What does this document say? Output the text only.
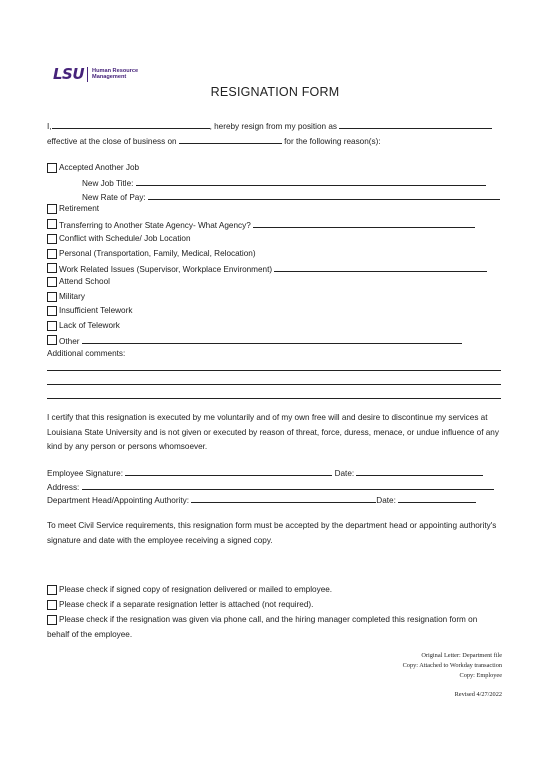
LSU Human Resource
Management
RESIGNATION FORM
I,	, hereby resign from my position as
effective at the close of business on	for the following reason(s):
Accepted Another Job
New Job Title:
New Rate of Pay:
Retirement
Transferring to Another State Agency- What Agency?
Conflict with Schedule/ Job Location
Personal (Transportation, Family, Medical, Relocation)
Work Related Issues (Supervisor, Workplace Environment)
Attend School
Military
Insufficient Telework
Lack of Telework
Other
Additional comments:
I certify that this resignation is executed by me voluntarily and of my own free will and desire to discontinue my services at Louisiana State University and is not given or executed by reason of threat, force, duress, menace, or undue influence of any kind by any person or persons whomsoever.
Employee Signature:	Date:
Address:
Department Head/Appointing Authority:	Date:
To meet Civil Service requirements, this resignation form must be accepted by the department head or appointing authority's signature and date with the employee receiving a signed copy.
Please check if signed copy of resignation delivered or mailed to employee.
Please check if a separate resignation letter is attached (not required).
Please check if the resignation was given via phone call, and the hiring manager completed this resignation form on
behalf of the employee.
Original Letter: Department file
Copy: Attached to Workday transaction
Copy: Employee
Revised 4/27/2022
